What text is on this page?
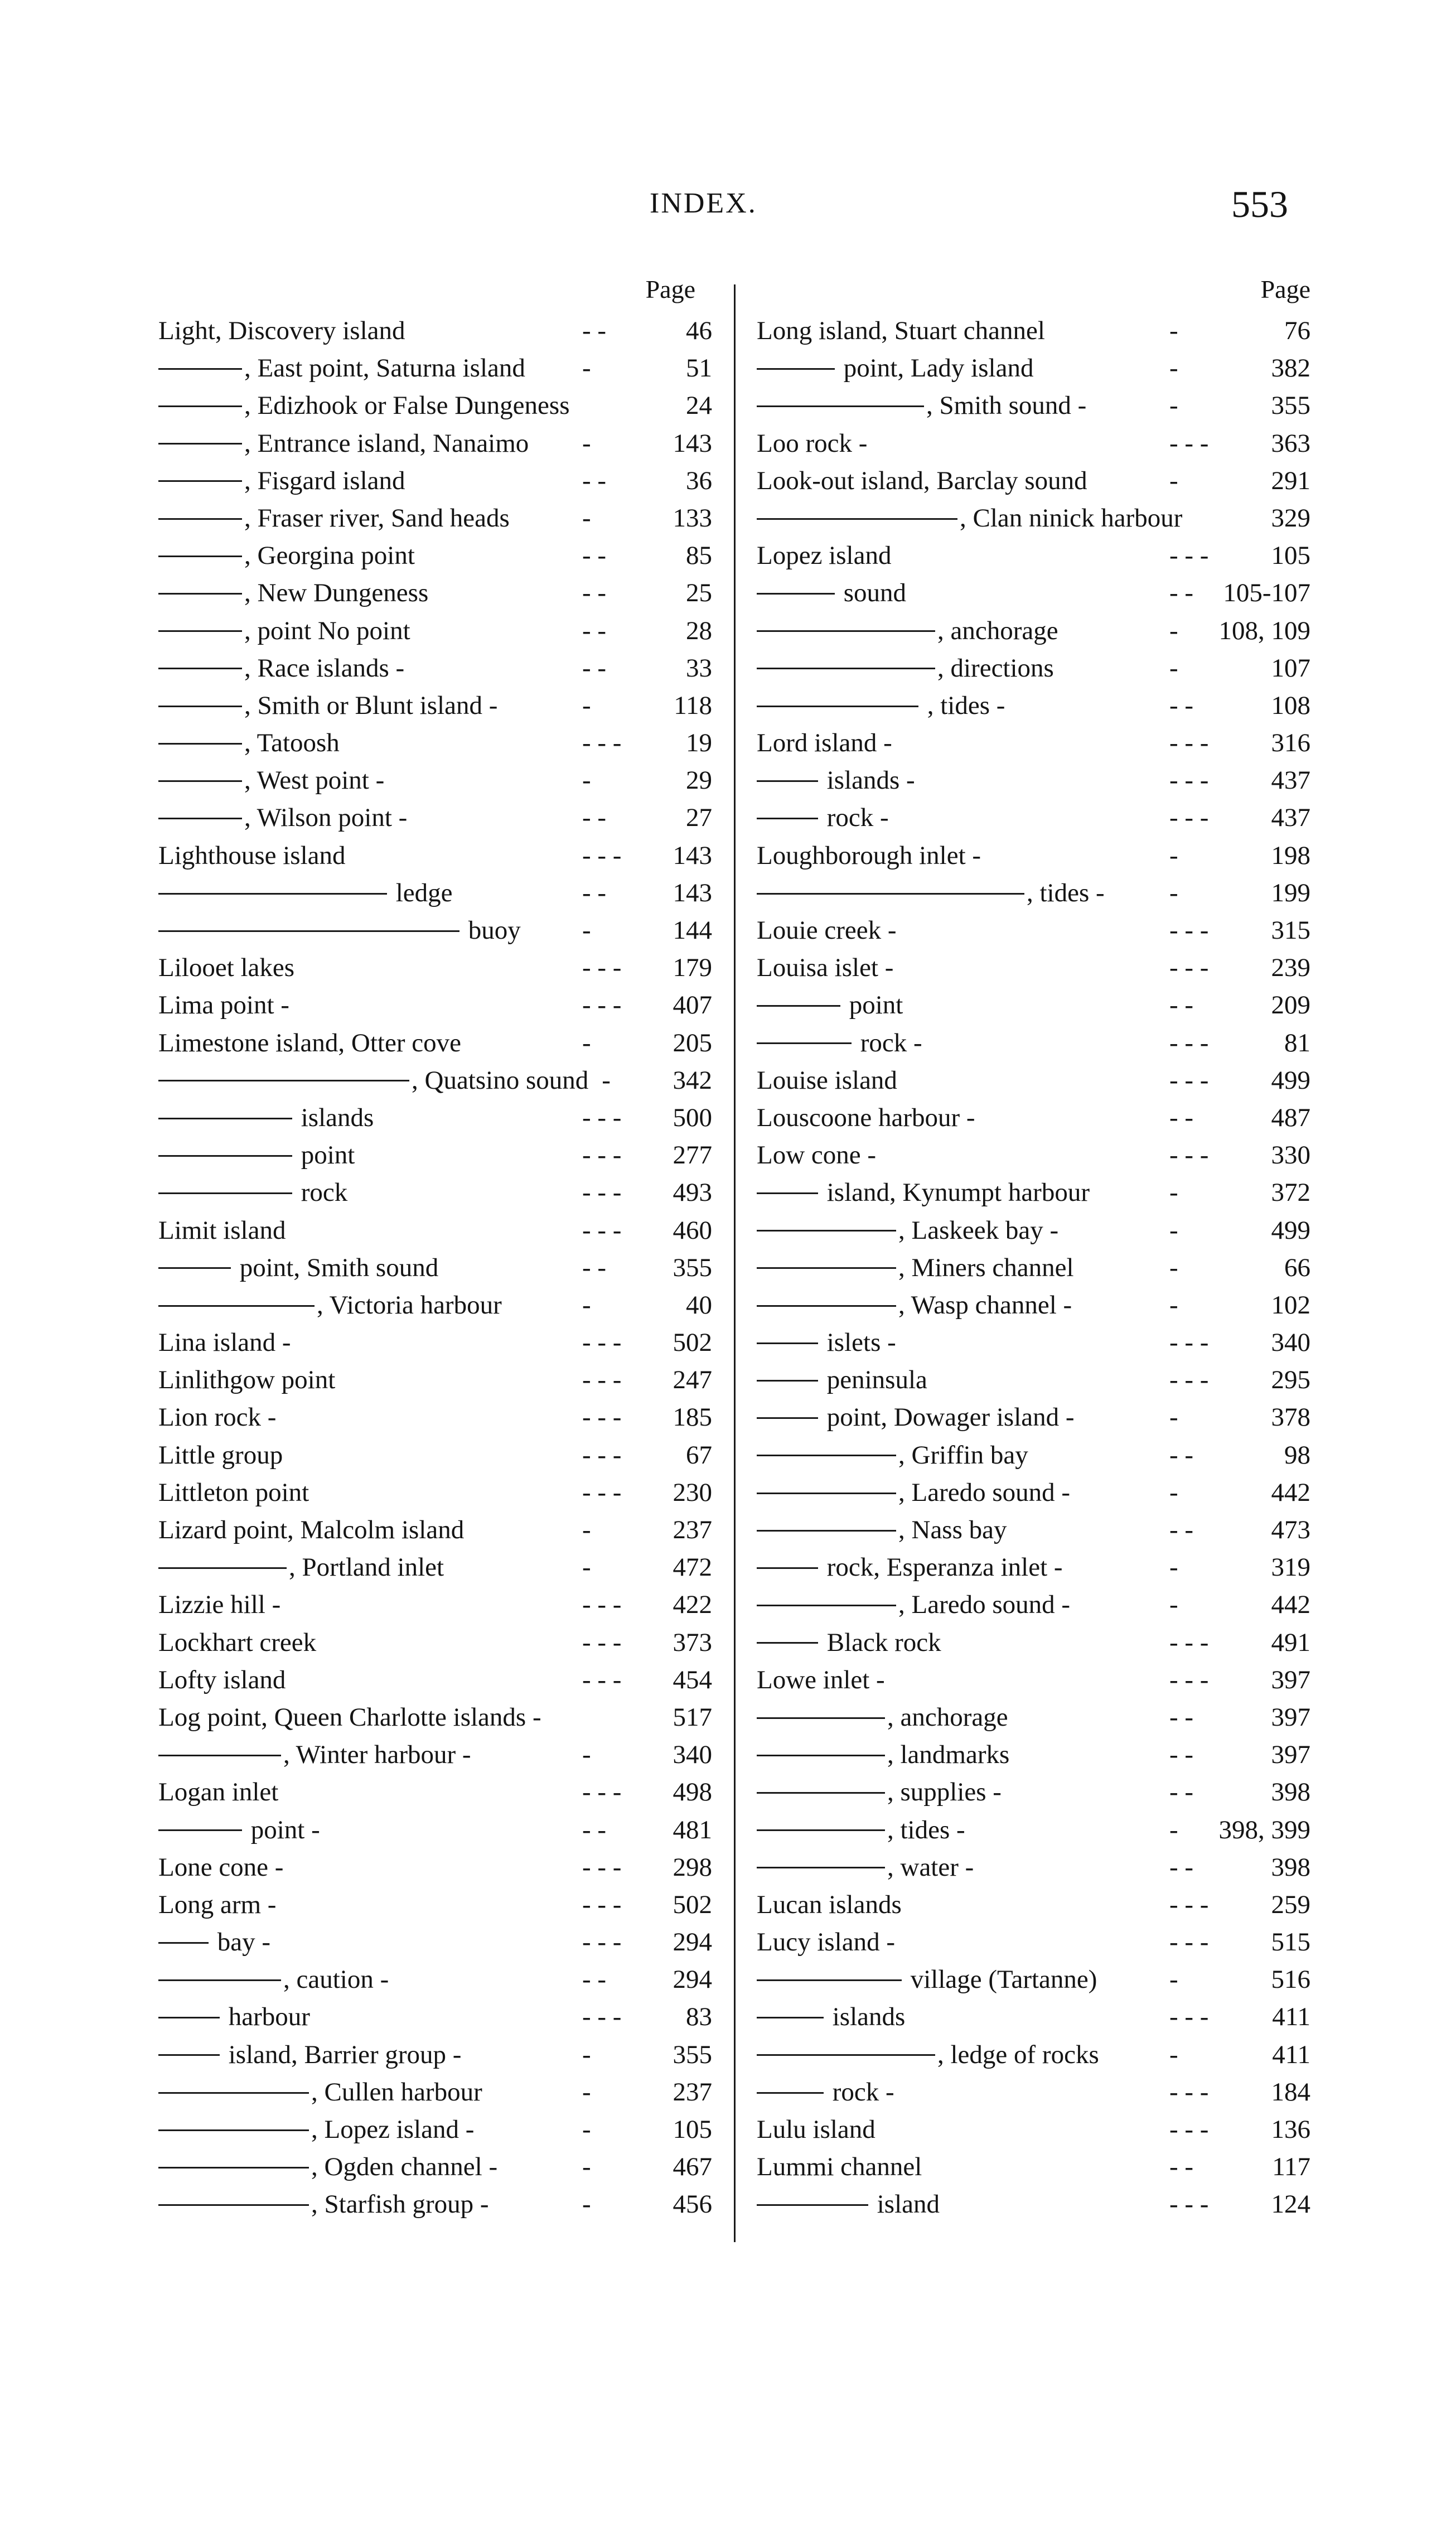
INDEX.	553
Page
Light, Discovery island	- -	46
, East point, Saturna island -	51
, Edizhook or False Dungeness	24
, Entrance island, Nanaimo -	143
, Fisgard island	- -	36
, Fraser river, Sand heads	-	133
, Georgina point	- -	85
, New Dungeness	- -	25
, point No point	- -	28
, Race islands -	- -	33
, Smith or Blunt island -	-	118
, Tatoosh	- - - 19
, West point -	-	29
, Wilson point -	- -	27
Lighthouse island	- - - 143
ledge	- -	143
buoy -	144
Lilooet lakes	- - - 179
Lima point -	- - - 407
Limestone island, Otter cove	-	205
, Quatsino sound - 342
islands	- - - 500
point	- - - 277
rock	- - - 493
Limit island	- - - 460
point, Smith sound	- -	355
, Victoria harbour	-	40
Lina island -	- - - 502
Linlithgow point	- - - 247
Lion rock -	- - - 185
Little group	- - - 67
Littleton point	- - - 230
Lizard point, Malcolm island	-	237
, Portland inlet	-	472
Lizzie hill -	- - - 422
Lockhart creek	- - - 373
Lofty island	- - - 454
Log point, Queen Charlotte islands -	517
, Winter harbour -	-	340
Logan inlet	- - - 498
point -	- -	481
Lone cone -	- - - 298
Long arm -	- - - 502
bay -	- - - 294
, caution -	- -	294
harbour	- - - 83
island, Barrier group -	-	355
, Cullen harbour	-	237
, Lopez island -	-	105
, Ogden channel -	-	467
, Starfish group -	-	456
Page
Long island, Stuart channel	-	76
point, Lady island	-	382
, Smith sound -	-	355
Loo rock -	- - - 363
Look-out island, Barclay sound	-	291
, Clan ninick harbour	329
Lopez island	- - - 105
sound	- - 105-107
, anchorage	- 108, 109
, directions	-	107
, tides -	- -	108
Lord island -	- - - 316
islands -	- - - 437
rock -	- - - 437
Loughborough inlet -	-	198
, tides - -	199
Louie creek -	- - - 315
Louisa islet -	- - - 239
point	- -	209
rock -	- - -	81
Louise island	- - - 499
Louscoone harbour -	- -	487
Low cone -	- - - 330
island, Kynumpt harbour	-	372
, Laskeek bay -	-	499
, Miners channel	-	66
, Wasp channel -	-	102
islets -	- - - 340
peninsula	- - - 295
point, Dowager island -	-	378
, Griffin bay	- -	98
, Laredo sound -	-	442
, Nass bay	- -	473
rock, Esperanza inlet -	-	319
, Laredo sound -	-	442
Black rock	- - - 491
Lowe inlet -	- - - 397
, anchorage	- -	397
, landmarks	- -	397
, supplies -	- -	398
, tides -	- 398, 399
, water -	- -	398
Lucan islands	- - - 259
Lucy island -	- - - 515
village (Tartanne)	-	516
islands	- - - 411
, ledge of rocks	-	411
rock -	- - - 184
Lulu island	- - - 136
Lummi channel	- -	117
island	- - - 124
